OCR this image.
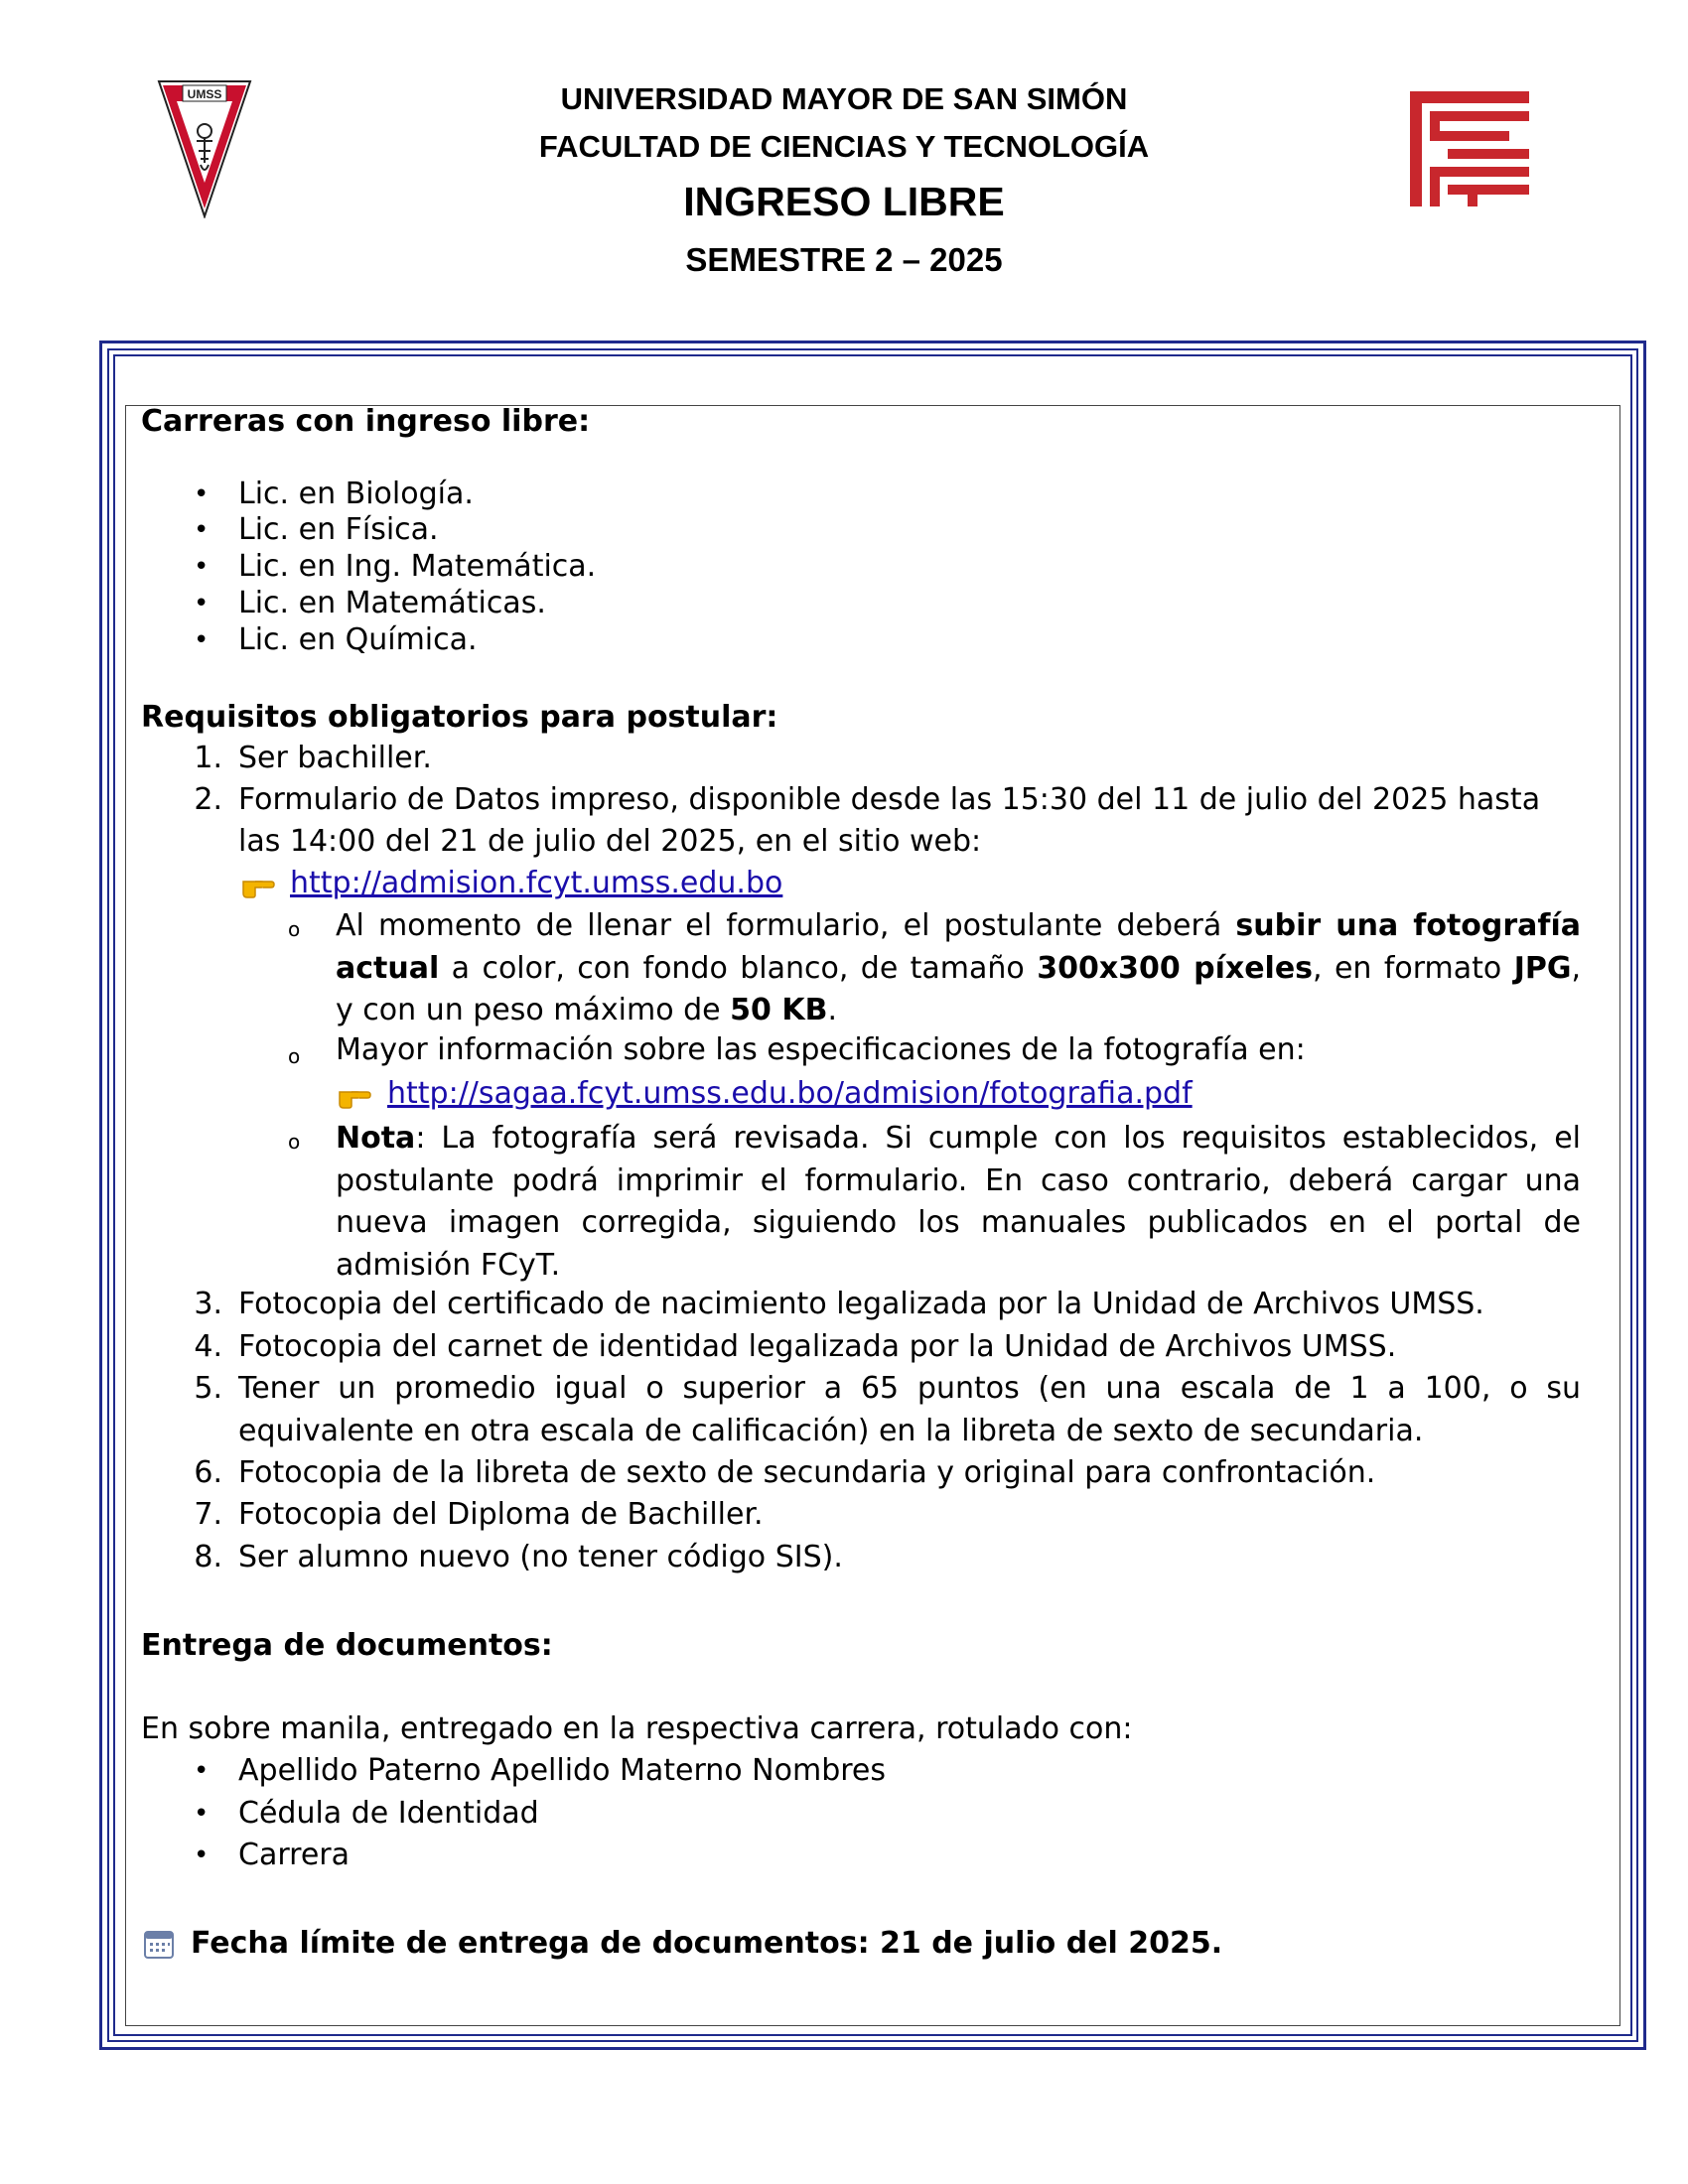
UMSS	UNIVERSIDAD MAYOR DE SAN SIMÓN
FACULTAD DE CIENCIAS Y TECNOLOGÍA
INGRESO LIBRE
SEMESTRE 2 – 2025
Carreras con ingreso libre:
• Lic. en Biología.
• Lic. en Física.
• Lic. en Ing. Matemática.
• Lic. en Matemáticas.
• Lic. en Química.
Requisitos obligatorios para postular:
1. Ser bachiller.
2. Formulario de Datos impreso, disponible desde las 15:30 del 11 de julio del 2025 hasta
las 14:00 del 21 de julio del 2025, en el sitio web:
http://admision.fcyt.umss.edu.bo
o Al momento de llenar el formulario, el postulante deberá subir una fotografía
actual a color, con fondo blanco, de tamaño 300x300 píxeles, en formato JPG,
y con un peso máximo de 50 KB.
o Mayor información sobre las especificaciones de la fotografía en:
http://sagaa.fcyt.umss.edu.bo/admision/fotografia.pdf
o Nota: La fotografía será revisada. Si cumple con los requisitos establecidos, el
postulante podrá imprimir el formulario. En caso contrario, deberá cargar una
nueva imagen corregida, siguiendo los manuales publicados en el portal de
admisión FCyT.
3. Fotocopia del certificado de nacimiento legalizada por la Unidad de Archivos UMSS.
4. Fotocopia del carnet de identidad legalizada por la Unidad de Archivos UMSS.
5. Tener un promedio igual o superior a 65 puntos (en una escala de 1 a 100, o su
equivalente en otra escala de calificación) en la libreta de sexto de secundaria.
6. Fotocopia de la libreta de sexto de secundaria y original para confrontación.
7. Fotocopia del Diploma de Bachiller.
8. Ser alumno nuevo (no tener código SIS).
Entrega de documentos:
En sobre manila, entregado en la respectiva carrera, rotulado con:
• Apellido Paterno Apellido Materno Nombres
• Cédula de Identidad
• Carrera
Fecha límite de entrega de documentos: 21 de julio del 2025.
